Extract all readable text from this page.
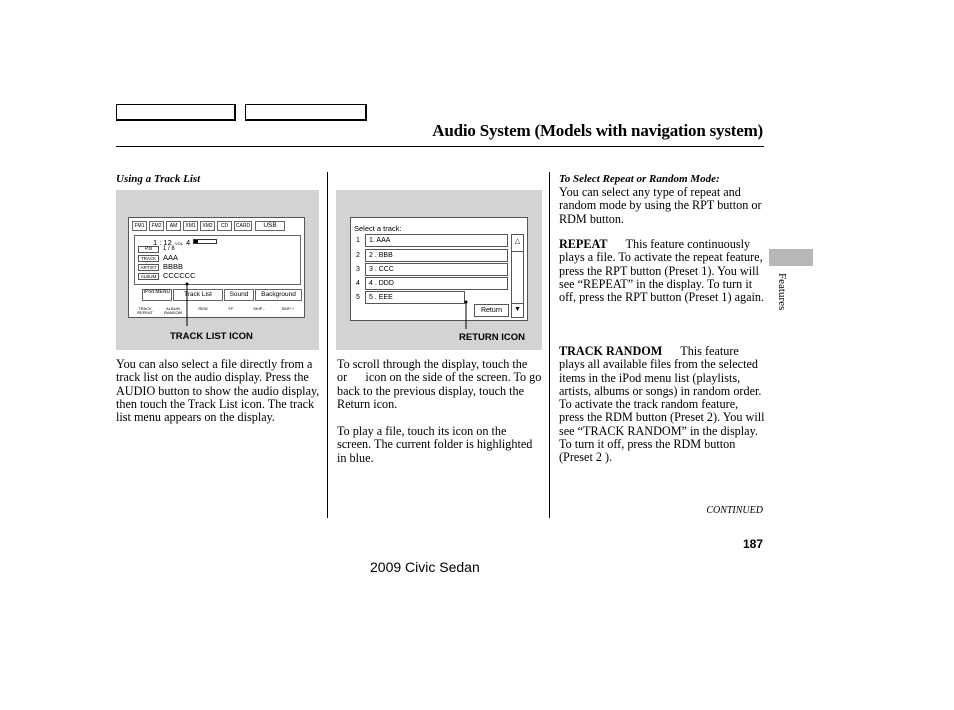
Audio System (Models with navigation system)
Features
Using a Track List
FM1	FM2	AM	XM1	XM2	CD	CARD	USB
1 : 12 VOL 4
Psi	1 / 8
TRACK AAA
ARTIST BBBB
ALBUM CCCCCC
iPod MENU	Track List	Sound	Background
TRACK REPEAT
ALBUM RANDOM
REW	FF	SKIP -	SKIP +
TRACK LIST ICON
You can also select a file directly from a track list on the audio display. Press the AUDIO button to show the audio display, then touch the Track List icon. The track list menu appears on the display.
Select a track:
1	1. AAA
2	2 . BBB
3	3 . CCC
4	4 . DDD
5	5 . EEE
△
▼
Return
RETURN ICON
To scroll through the display, touch the      or      icon on the side of the screen. To go back to the previous display, touch the Return icon.
To play a file, touch its icon on the screen. The current folder is highlighted in blue.
To Select Repeat or Random Mode:
You can select any type of repeat and random mode by using the RPT button or RDM button.
REPEAT This feature continuously plays a file. To activate the repeat feature, press the RPT button (Preset 1). You will see “REPEAT” in the display. To turn it off, press the RPT button (Preset 1) again.
TRACK RANDOM This feature plays all available files from the selected items in the iPod menu list (playlists, artists, albums or songs) in random order. To activate the track random feature, press the RDM button (Preset 2). You will see “TRACK RANDOM” in the display. To turn it off, press the RDM button (Preset 2 ).
CONTINUED
187
2009 Civic Sedan
